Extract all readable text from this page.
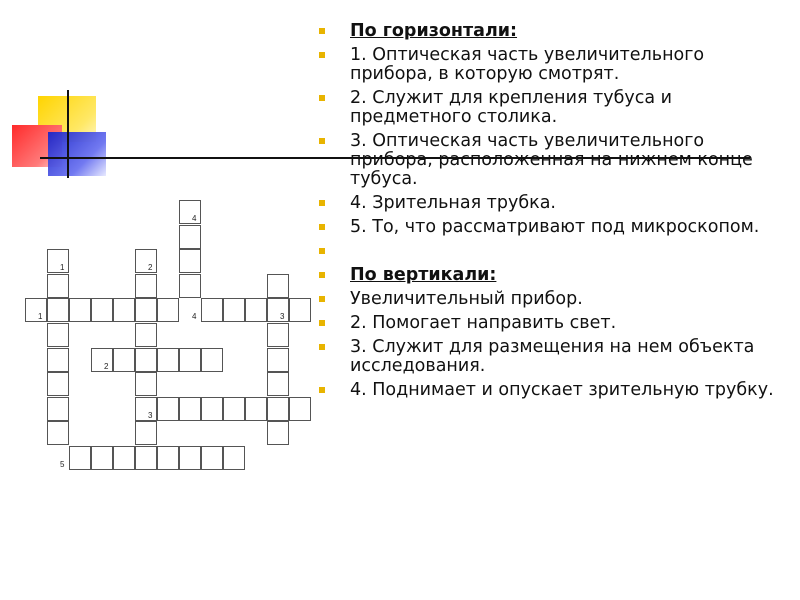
4
1	2
1	4	3
2
3
5
По горизонтали:
1. Оптическая часть увеличительного прибора, в которую смотрят.
2. Служит для крепления тубуса и предметного столика.
3. Оптическая часть увеличительного прибора, расположенная на нижнем конце тубуса.
4. Зрительная трубка.
5. То, что рассматривают под микроскопом.
По вертикали:
Увеличительный прибор.
2. Помогает направить свет.
3. Служит для размещения на нем объекта исследования.
4. Поднимает и опускает зрительную трубку.
